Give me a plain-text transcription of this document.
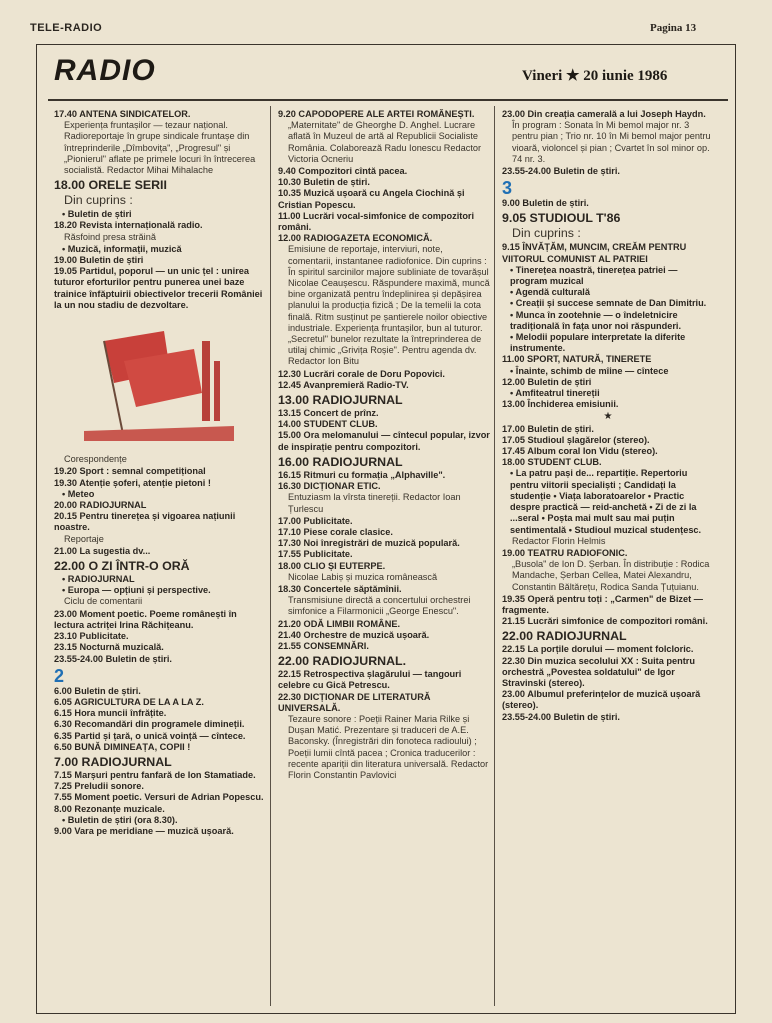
TELE-RADIO	Pagina 13
RADIO	Vineri ★ 20 iunie 1986
17.40 ANTENA SINDICATELOR.
Experiența fruntașilor — tezaur național. Radioreportaje în grupe sindicale fruntașe din întreprinderile „Dîmbovița", „Progresul" și „Pionierul" aflate pe primele locuri în întrecerea socialistă. Redactor Mihai Mihalache
18.00 ORELE SERII
Din cuprins :
• Buletin de știri
18.20 Revista internațională radio.
Răsfoind presa străină
• Muzică, informații, muzică
19.00 Buletin de știri
19.05 Partidul, poporul — un unic țel : unirea tuturor eforturilor pentru punerea unei baze trainice înfăptuirii obiectivelor trecerii României la un nou stadiu de dezvoltare.
Corespondențe
19.20 Sport : semnal competițional
19.30 Atenție șoferi, atenție pietoni !
• Meteo
20.00 RADIOJURNAL
20.15 Pentru tinerețea și vigoarea națiunii noastre.
Reportaje
21.00 La sugestia dv...
22.00 O ZI ÎNTR-O ORĂ
• RADIOJURNAL
• Europa — opțiuni și perspective.
Ciclu de comentarii
23.00 Moment poetic. Poeme românești în lectura actriței Irina Răchițeanu.
23.10 Publicitate.
23.15 Nocturnă muzicală.
23.55-24.00 Buletin de știri.
2
6.00 Buletin de știri.
6.05 AGRICULTURA DE LA A LA Z.
6.15 Hora muncii înfrățite.
6.30 Recomandări din programele dimineții.
6.35 Partid și țară, o unică voință — cîntece.
6.50 BUNĂ DIMINEAȚA, COPII !
7.00 RADIOJURNAL
7.15 Marșuri pentru fanfară de Ion Stamatiade.
7.25 Preludii sonore.
7.55 Moment poetic. Versuri de Adrian Popescu.
8.00 Rezonanțe muzicale.
• Buletin de știri (ora 8.30).
9.00 Vara pe meridiane — muzică ușoară.
9.20 CAPODOPERE ALE ARTEI ROMÂNEȘTI.
„Maternitate" de Gheorghe D. Anghel. Lucrare aflată în Muzeul de artă al Republicii Socialiste România. Colaborează Radu Ionescu Redactor Victoria Ocneriu
9.40 Compozitori cîntă pacea.
10.30 Buletin de știri.
10.35 Muzică ușoară cu Angela Ciochină și Cristian Popescu.
11.00 Lucrări vocal-simfonice de compozitori români.
12.00 RADIOGAZETA ECONOMICĂ.
Emisiune de reportaje, interviuri, note, comentarii, instantanee radiofonice. Din cuprins : În spiritul sarcinilor majore subliniate de tovarășul Nicolae Ceaușescu. Răspundere maximă, muncă bine organizată pentru îndeplinirea și depășirea planului la producția fizică ; De la temelii la cota finală. Ritm susținut pe șantierele noilor obiective industriale. Experiența fruntașilor, bun al tuturor. „Secretul" bunelor rezultate la întreprinderea de utilaj chimic „Grivița Roșie". Pentru agenda dv. Redactor Ion Bitu
12.30 Lucrări corale de Doru Popovici.
12.45 Avanpremieră Radio-TV.
13.00 RADIOJURNAL
13.15 Concert de prînz.
14.00 STUDENT CLUB.
15.00 Ora melomanului — cîntecul popular, izvor de inspirație pentru compozitori.
16.00 RADIOJURNAL
16.15 Ritmuri cu formația „Alphaville".
16.30 DICȚIONAR ETIC.
Entuziasm la vîrsta tinereții. Redactor Ioan Țurlescu
17.00 Publicitate.
17.10 Piese corale clasice.
17.30 Noi înregistrări de muzică populară.
17.55 Publicitate.
18.00 CLIO ȘI EUTERPE.
Nicolae Labiș și muzica românească
18.30 Concertele săptămînii.
Transmisiune directă a concertului orchestrei simfonice a Filarmonicii „George Enescu".
21.20 ODĂ LIMBII ROMÂNE.
21.40 Orchestre de muzică ușoară.
21.55 CONSEMNĂRI.
22.00 RADIOJURNAL.
22.15 Retrospectiva șlagărului — tangouri celebre cu Gică Petrescu.
22.30 DICȚIONAR DE LITERATURĂ UNIVERSALĂ.
Tezaure sonore : Poeții Rainer Maria Rilke și Dușan Matić. Prezentare și traduceri de A.E. Baconsky. (Înregistrări din fonoteca radioului) ; Poeții lumii cîntă pacea ; Cronica traducerilor : recente apariții din literatura universală. Redactor Florin Constantin Pavlovici
23.00 Din creația camerală a lui Joseph Haydn.
În program : Sonata în Mi bemol major nr. 3 pentru pian ; Trio nr. 10 în Mi bemol major pentru vioară, violoncel și pian ; Cvartet în sol minor op. 74 nr. 3.
23.55-24.00 Buletin de știri.
3
9.00 Buletin de știri.
9.05 STUDIOUL T'86
Din cuprins :
9.15 ÎNVĂȚĂM, MUNCIM, CREĂM PENTRU VIITORUL COMUNIST AL PATRIEI
• Tinerețea noastră, tinerețea patriei — program muzical
• Agendă culturală
• Creații și succese semnate de Dan Dimitriu.
• Munca în zootehnie — o îndeletnicire tradițională în fața unor noi răspunderi.
• Melodii populare interpretate la diferite instrumente.
11.00 SPORT, NATURĂ, TINERETE
• Înainte, schimb de mîine — cîntece
12.00 Buletin de știri
• Amfiteatrul tinereții
13.00 Închiderea emisiunii.
★
17.00 Buletin de știri.
17.05 Studioul șlagărelor (stereo).
17.45 Album coral Ion Vidu (stereo).
18.00 STUDENT CLUB.
• La patru pași de... repartiție. Repertoriu pentru viitorii specialiști ; Candidați la studenție • Viața laboratoarelor • Practic despre practică — reid-anchetă • Zi de zi la ...seral • Poșta mai mult sau mai puțin sentimentală • Studioul muzical studențesc.
Redactor Florin Helmis
19.00 TEATRU RADIOFONIC.
„Busola" de Ion D. Șerban. În distribuție : Rodica Mandache, Șerban Cellea, Matei Alexandru, Constantin Băltărețu, Rodica Sanda Țuțuianu.
19.35 Operă pentru toți : „Carmen" de Bizet — fragmente.
21.15 Lucrări simfonice de compozitori români.
22.00 RADIOJURNAL
22.15 La porțile dorului — moment folcloric.
22.30 Din muzica secolului XX : Suita pentru orchestră „Povestea soldatului" de Igor Stravinski (stereo).
23.00 Albumul preferințelor de muzică ușoară (stereo).
23.55-24.00 Buletin de știri.
